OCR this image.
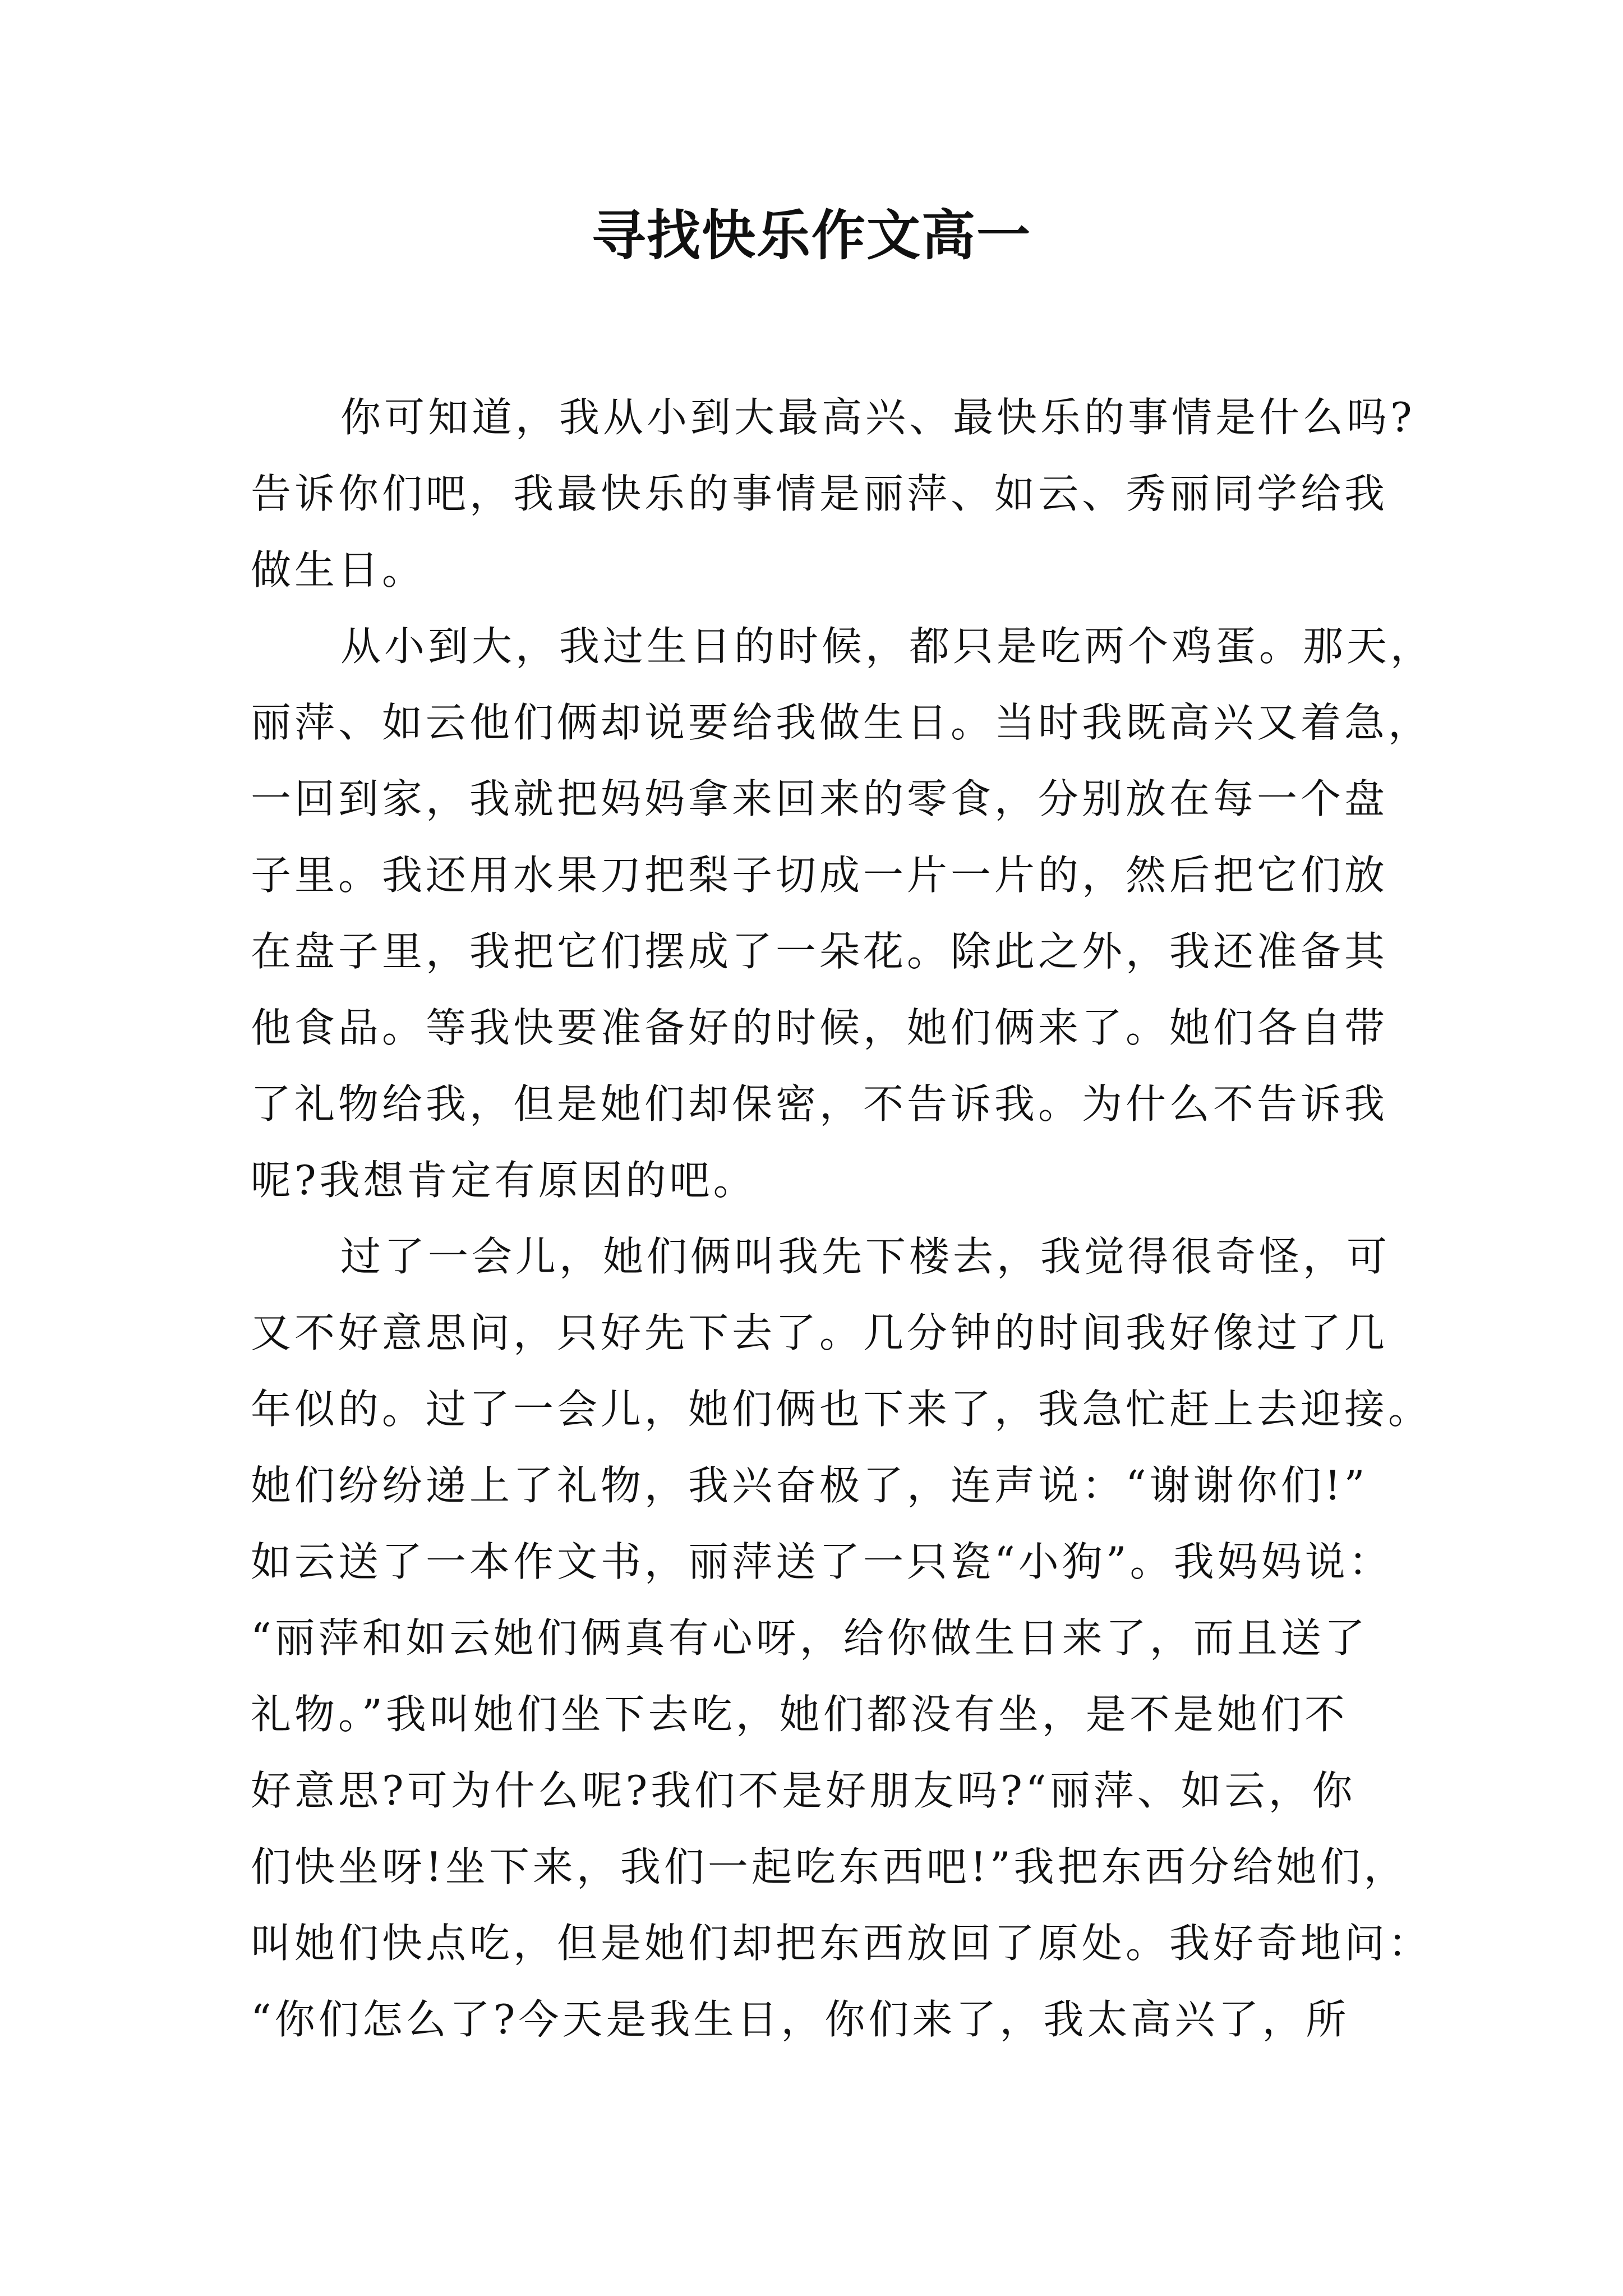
寻找快乐作文高一
你可知道，我从小到大最高兴、最快乐的事情是什么吗?
告诉你们吧，我最快乐的事情是丽萍、如云、秀丽同学给我
做生日。
从小到大，我过生日的时候，都只是吃两个鸡蛋。那天，
丽萍、如云他们俩却说要给我做生日。当时我既高兴又着急，
一回到家，我就把妈妈拿来回来的零食，分别放在每一个盘
子里。我还用水果刀把梨子切成一片一片的，然后把它们放
在盘子里，我把它们摆成了一朵花。除此之外，我还准备其
他食品。等我快要准备好的时候，她们俩来了。她们各自带
了礼物给我，但是她们却保密，不告诉我。为什么不告诉我
呢?我想肯定有原因的吧。
过了一会儿，她们俩叫我先下楼去，我觉得很奇怪，可
又不好意思问，只好先下去了。几分钟的时间我好像过了几
年似的。过了一会儿，她们俩也下来了，我急忙赶上去迎接。
她们纷纷递上了礼物，我兴奋极了，连声说：“谢谢你们!”
如云送了一本作文书，丽萍送了一只瓷“小狗”。我妈妈说：
“丽萍和如云她们俩真有心呀，给你做生日来了，而且送了
礼物。”我叫她们坐下去吃，她们都没有坐，是不是她们不
好意思?可为什么呢?我们不是好朋友吗?“丽萍、如云，你
们快坐呀!坐下来，我们一起吃东西吧!”我把东西分给她们，
叫她们快点吃，但是她们却把东西放回了原处。我好奇地问：
“你们怎么了?今天是我生日，你们来了，我太高兴了，所
